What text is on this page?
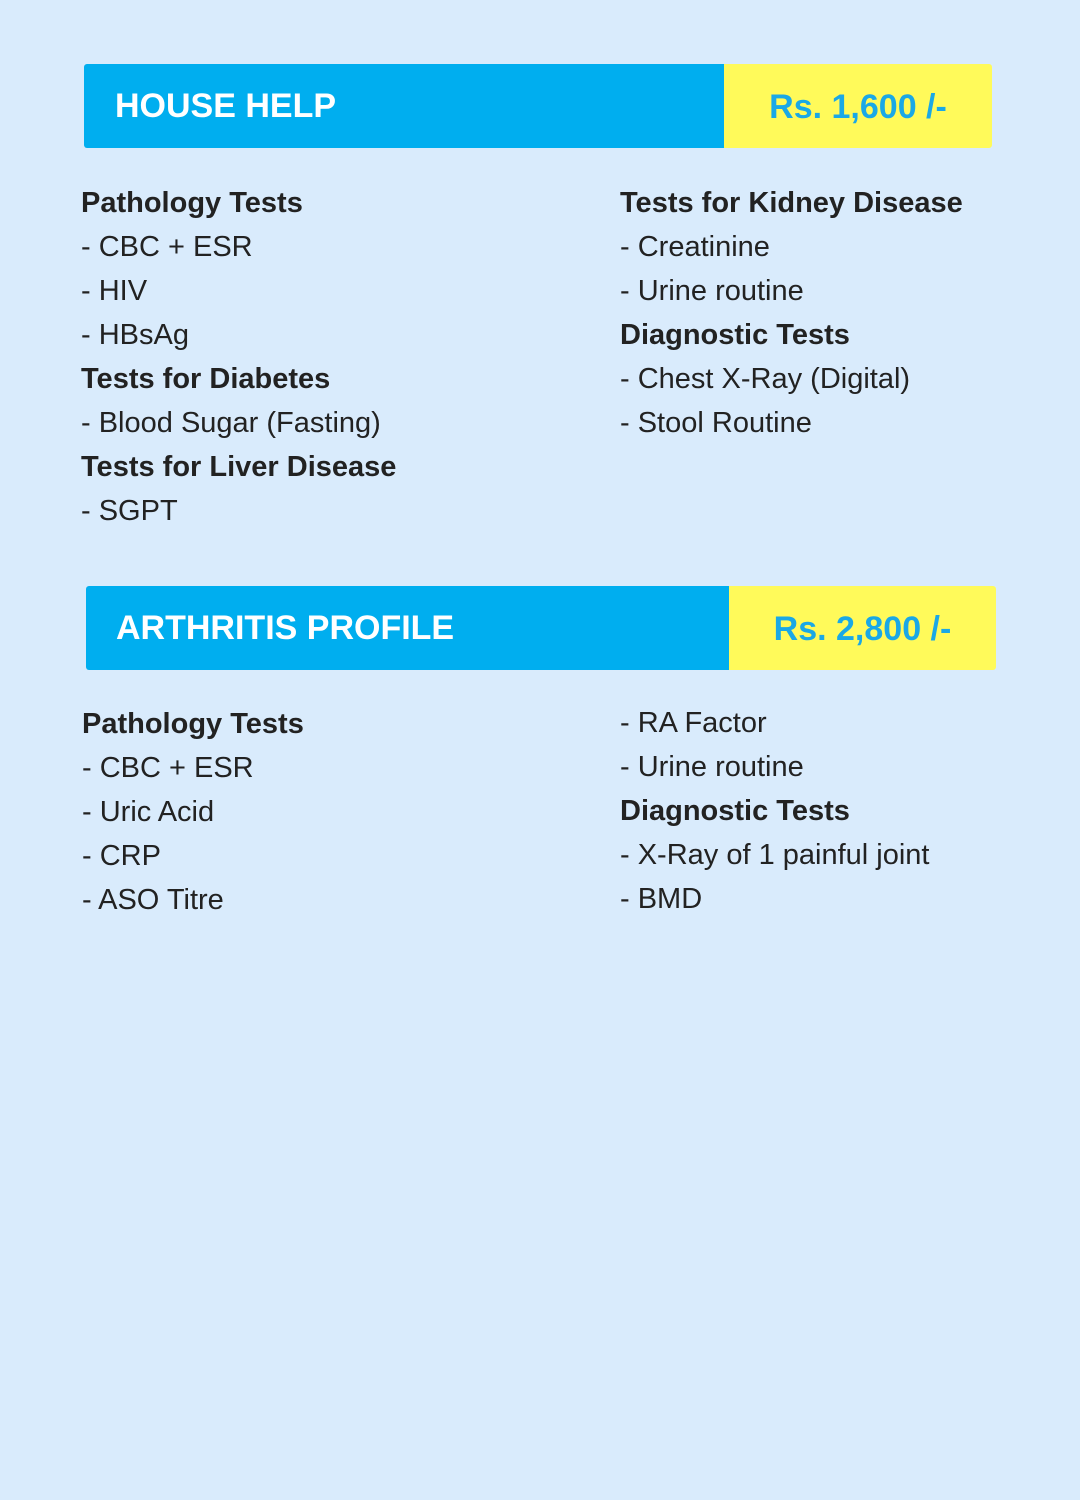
HOUSE HELP	Rs. 1,600 /-
Pathology Tests
- CBC + ESR
- HIV
- HBsAg
Tests for Diabetes
- Blood Sugar (Fasting)
Tests for Liver Disease
- SGPT
Tests for Kidney Disease
- Creatinine
- Urine routine
Diagnostic Tests
- Chest X-Ray (Digital)
- Stool Routine
ARTHRITIS PROFILE	Rs. 2,800 /-
Pathology Tests
- CBC + ESR
- Uric Acid
- CRP
- ASO Titre
- RA Factor
- Urine routine
Diagnostic Tests
- X-Ray of 1 painful joint
- BMD
